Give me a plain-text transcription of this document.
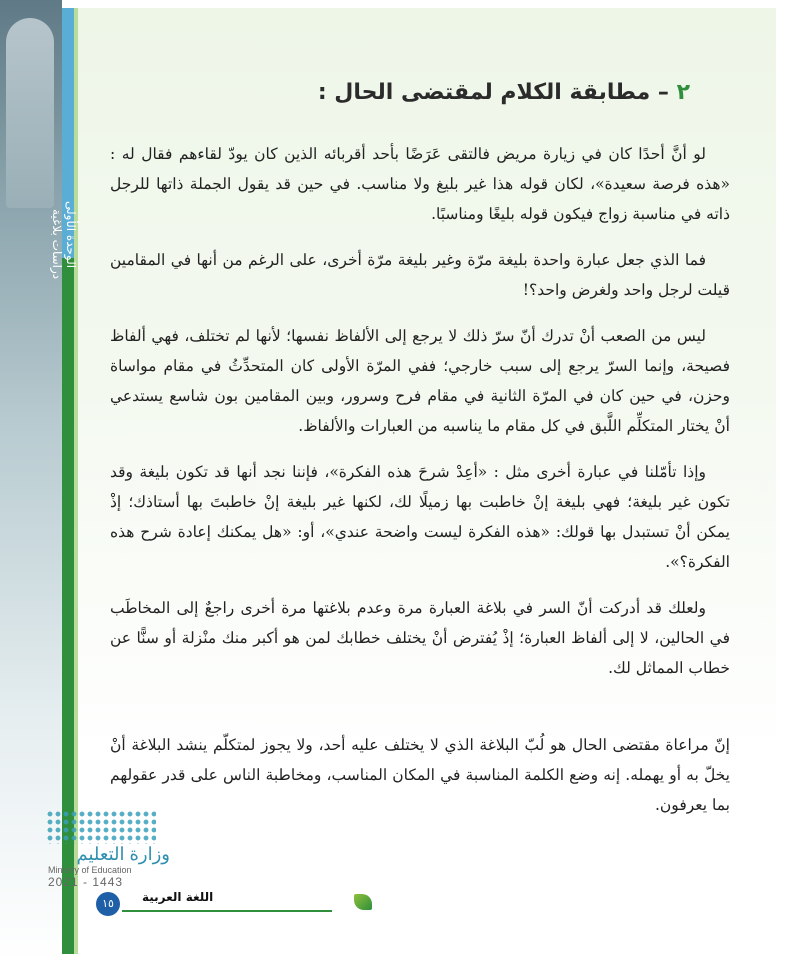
الوحدة الأولى
دراسات بلاغية
٢ – مطابقة الكلام لمقتضى الحال :

لو أنَّ أحدًا كان في زيارة مريض فالتقى عَرَضًا بأحد أقربائه الذين كان يودّ لقاءهم فقال له : «هذه فرصة سعيدة»، لكان قوله هذا غير بليغ ولا مناسب. في حين قد يقول الجملة ذاتها للرجل ذاته في مناسبة زواج فيكون قوله بليغًا ومناسبًا.

فما الذي جعل عبارة واحدة بليغة مرّة وغير بليغة مرّة أخرى، على الرغم من أنها في المقامين قيلت لرجل واحد ولغرض واحد؟!

ليس من الصعب أنْ تدرك أنّ سرّ ذلك لا يرجع إلى الألفاظ نفسها؛ لأنها لم تختلف، فهي ألفاظ فصيحة، وإنما السرّ يرجع إلى سبب خارجي؛ ففي المرّة الأولى كان المتحدِّثُ في مقام مواساة وحزن، في حين كان في المرّة الثانية في مقام فرح وسرور، وبين المقامين بون شاسع يستدعي أنْ يختار المتكلِّم اللَّبق في كل مقام ما يناسبه من العبارات والألفاظ.

وإذا تأمّلنا في عبارة أخرى مثل : «أعِدْ شرحَ هذه الفكرة»، فإننا نجد أنها قد تكون بليغة وقد تكون غير بليغة؛ فهي بليغة إنْ خاطبت بها زميلًا لك، لكنها غير بليغة إنْ خاطبتَ بها أستاذك؛ إذْ يمكن أنْ تستبدل بها قولك: «هذه الفكرة ليست واضحة عندي»، أو: «هل يمكنك إعادة شرح هذه الفكرة؟».

ولعلك قد أدركت أنّ السر في بلاغة العبارة مرة وعدم بلاغتها مرة أخرى راجعٌ إلى المخاطَب في الحالين، لا إلى ألفاظ العبارة؛ إذْ يُفترض أنْ يختلف خطابك لمن هو أكبر منك منْزلة أو سنًّا عن خطاب المماثل لك.

إنّ مراعاة مقتضى الحال هو لُبّ البلاغة الذي لا يختلف عليه أحد، ولا يجوز لمتكلّم ينشد البلاغة أنْ يخلّ به أو يهمله. إنه وضع الكلمة المناسبة في المكان المناسب، ومخاطبة الناس على قدر عقولهم بما يعرفون.
وزارة التعليم
Ministry of Education
2021 - 1443
١٥	اللغة العربية
